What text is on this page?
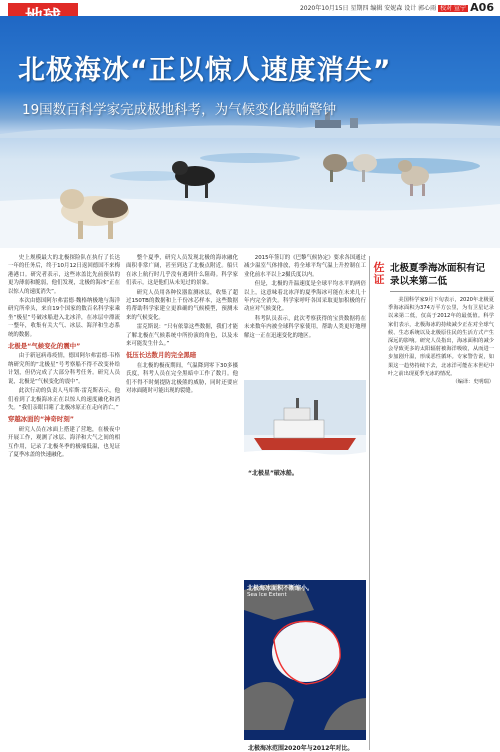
2020年10月15日 星期四 编辑 安妮森 设计 郭心雨 校对 宣宁 A06
北极海冰“正以惊人速度消失”
19国数百科学家完成极地科考，为气候变化敲响警钟

史上规模最大的北极探险队在执行了长达一年的任务后，终于10月12日返回德国不来梅港港口。研究者表示，这些冰盖比先前预估的更为薄弱和脆弱，他们发现，北极的海冰“正在以惊人的速度消失”。

本次由德国阿尔弗雷德·魏格纳极地与海洋研究所牵头，来自19个国家的数百名科学家乘坐“极星”号破冰船进入北冰洋，在冰层中漂流一整年，收集有关大气、冰层、海洋和生态系统的数据。

北极是“气候变化的震中”

由于新冠病毒疫情，德国阿尔弗雷德·韦格纳研究所的“北极星”号考察船不得不改变补给计划，但仍完成了大部分科考任务。研究人员说，北极是“气候变化的震中”。

此次行动的负责人马库斯·雷克斯表示，他们看到了北极海冰正在以惊人的速度融化和消失。“我们亲眼目睹了北极冰原正在走向消亡。”

穿越冰面的“神奇时刻”

研究人员在冰面上搭建了营地，在极夜中开展工作，观测了冰层、海洋和大气之间的相互作用，记录了北极冬季的极端低温，也见证了夏季冰盖的快速融化。

整个夏季，研究人员发现北极的海冰融化面积非常广阔，甚至到达了北极点附近。船只在冰上航行时几乎没有遇到什么阻碍。科学家们表示，这是他们从未见过的景象。

研究人员用各种仪器监测冰层，收集了超过150TB的数据和上千份冰芯样本，这些数据将帮助科学家建立更准确的气候模型，预测未来的气候变化。

雷克斯说：“只有依靠这些数据，我们才能了解北极在气候系统中所扮演的角色，以及未来可能发生什么。”

低压长达数月的完全黑暗

在北极的极夜期间，气温降到零下30多摄氏度，科考人员在完全黑暗中工作了数月。他们不得不时刻提防北极熊的威胁，同时还要应对冰面随时可能出现的裂缝。

2015年签订的《巴黎气候协定》要求各国通过减少温室气体排放，将全球平均气温上升控制在工业化前水平以上2摄氏度以内。

但是，北极的升温速度是全球平均水平的两倍以上，这意味着北冰洋的夏季海冰可能在未来几十年内完全消失。科学家呼吁各国采取更加积极的行动应对气候变化。

科考队员表示，此次考察获得的宝贵数据将在未来数年内被全球科学家使用，帮助人类更好地理解这一正在迅速变化的地区。

“北极星”破冰船。
北极海冰面积不断缩小。
Sea Ice Extent
北极海冰范围2020年与2012年对比。
佐证
北极夏季海冰面积有记录以来第二低

美国科学家9月下旬表示，2020年北极夏季海冰面积为374万平方公里，为有卫星记录以来第二低，仅高于2012年的最低值。科学家们表示，北极海冰的持续减少正在对全球气候、生态系统以及北极原住民的生活方式产生深远的影响。研究人员指出，海冰面积的减少会导致更多的太阳辐射被海洋吸收，从而进一步加剧升温，形成恶性循环。专家警告说，如果这一趋势持续下去，北冰洋可能在本世纪中叶之前出现夏季无冰的情况。

（编译：史明瑞）
